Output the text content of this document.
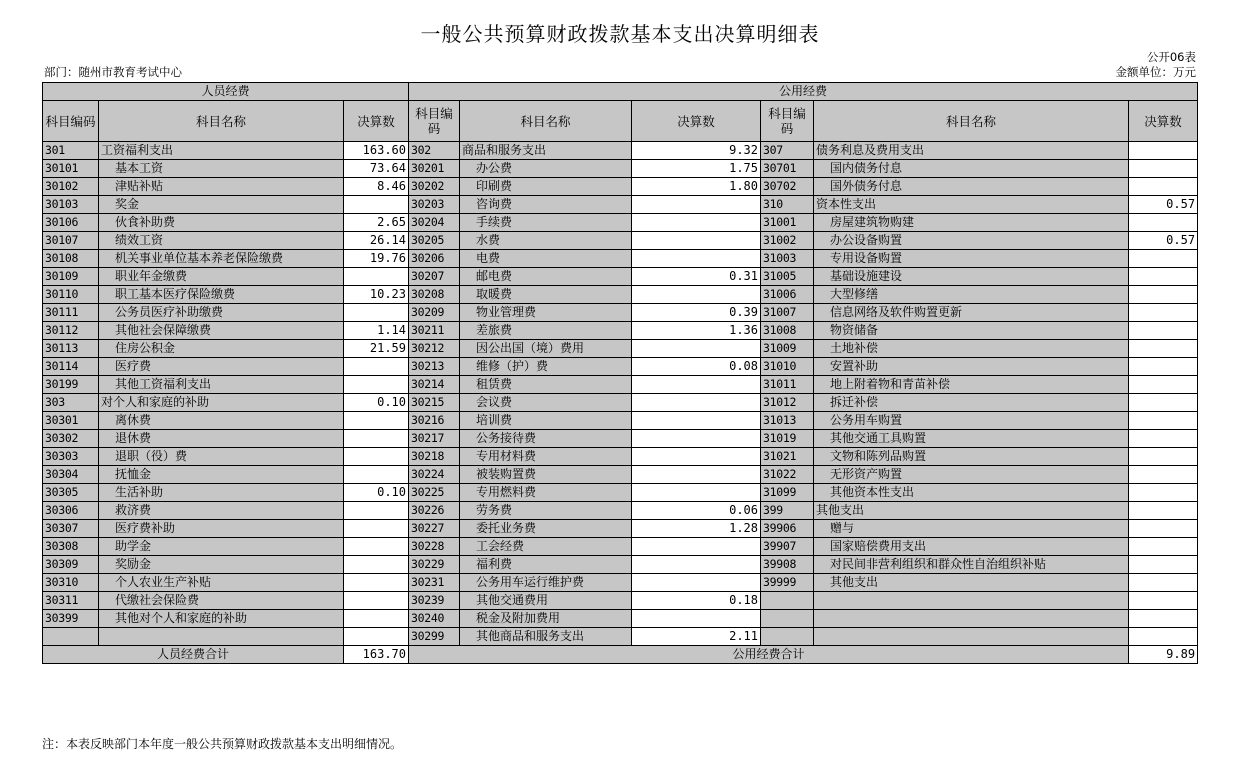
一般公共预算财政拨款基本支出决算明细表
公开06表
部门：随州市教育考试中心	金额单位：万元
人员经费			公用经费					
科目编码	科目名称	决算数	科目编码	科目名称	决算数	科目编码	科目名称	决算数
301	工资福利支出	163.60	302	商品和服务支出	9.32	307	债务利息及费用支出	
30101	基本工资	73.64	30201	办公费	1.75	30701	国内债务付息	
30102	津贴补贴	8.46	30202	印刷费	1.80	30702	国外债务付息	
30103	奖金		30203	咨询费		310	资本性支出	0.57
30106	伙食补助费	2.65	30204	手续费		31001	房屋建筑物购建	
30107	绩效工资	26.14	30205	水费		31002	办公设备购置	0.57
30108	机关事业单位基本养老保险缴费	19.76	30206	电费		31003	专用设备购置	
30109	职业年金缴费		30207	邮电费	0.31	31005	基础设施建设	
30110	职工基本医疗保险缴费	10.23	30208	取暖费		31006	大型修缮	
30111	公务员医疗补助缴费		30209	物业管理费	0.39	31007	信息网络及软件购置更新	
30112	其他社会保障缴费	1.14	30211	差旅费	1.36	31008	物资储备	
30113	住房公积金	21.59	30212	因公出国（境）费用		31009	土地补偿	
30114	医疗费		30213	维修（护）费	0.08	31010	安置补助	
30199	其他工资福利支出		30214	租赁费		31011	地上附着物和青苗补偿	
303	对个人和家庭的补助	0.10	30215	会议费		31012	拆迁补偿	
30301	离休费		30216	培训费		31013	公务用车购置	
30302	退休费		30217	公务接待费		31019	其他交通工具购置	
30303	退职（役）费		30218	专用材料费		31021	文物和陈列品购置	
30304	抚恤金		30224	被装购置费		31022	无形资产购置	
30305	生活补助	0.10	30225	专用燃料费		31099	其他资本性支出	
30306	救济费		30226	劳务费	0.06	399	其他支出	
30307	医疗费补助		30227	委托业务费	1.28	39906	赠与	
30308	助学金		30228	工会经费		39907	国家赔偿费用支出	
30309	奖励金		30229	福利费		39908	对民间非营利组织和群众性自治组织补贴	
30310	个人农业生产补贴		30231	公务用车运行维护费		39999	其他支出	
30311	代缴社会保险费		30239	其他交通费用	0.18			
30399	其他对个人和家庭的补助		30240	税金及附加费用				
			30299	其他商品和服务支出	2.11			
人员经费合计		163.70	公用经费合计					9.89
注：本表反映部门本年度一般公共预算财政拨款基本支出明细情况。
